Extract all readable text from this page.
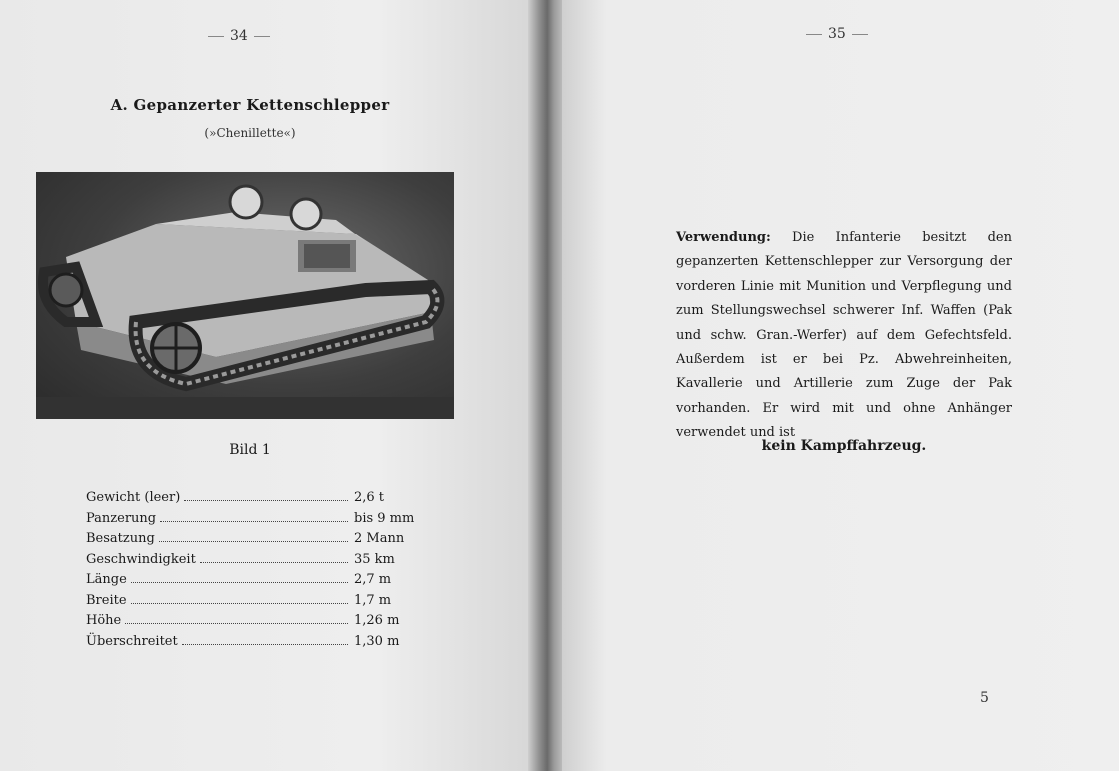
34
A. Gepanzerter Kettenschlepper
(»Chenillette«)
Bild 1
Gewicht (leer)	2,6 t
Panzerung	bis 9 mm
Besatzung	2 Mann
Geschwindigkeit	35 km
Länge	2,7 m
Breite	1,7 m
Höhe	1,26 m
Überschreitet	1,30 m
35
Verwendung: Die Infanterie besitzt den gepanzerten Kettenschlepper zur Versorgung der vorderen Linie mit Munition und Verpflegung und zum Stellungswechsel schwerer Inf. Waffen (Pak und schw. Gran.-Werfer) auf dem Gefechtsfeld. Außerdem ist er bei Pz. Abwehreinheiten, Kavallerie und Artillerie zum Zuge der Pak vorhanden. Er wird mit und ohne Anhänger verwendet und ist
kein Kampffahrzeug.
5
